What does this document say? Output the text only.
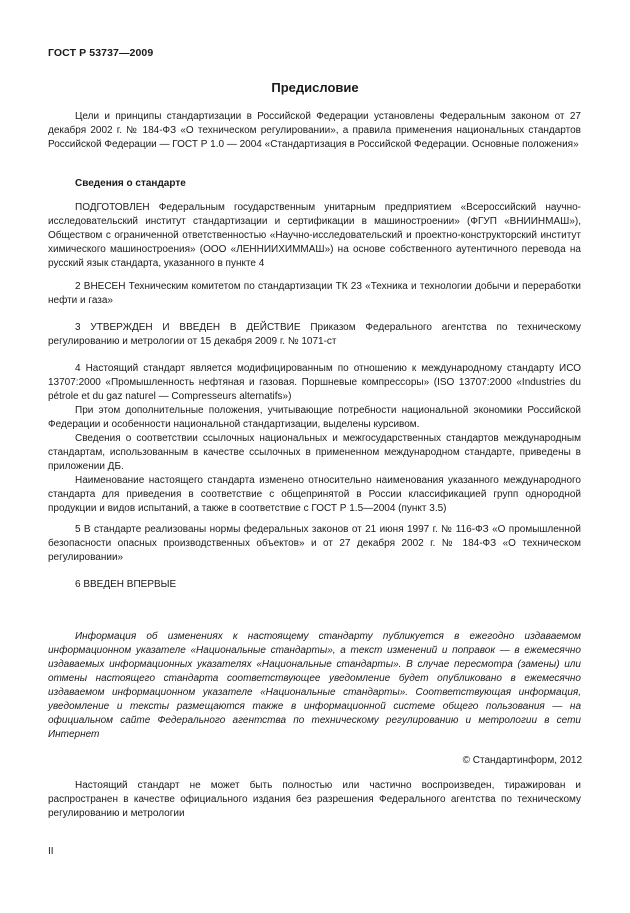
ГОСТ Р 53737—2009
Предисловие

Цели и принципы стандартизации в Российской Федерации установлены Федеральным законом от 27 декабря 2002 г. № 184-ФЗ «О техническом регулировании», а правила применения национальных стандартов Российской Федерации — ГОСТ Р 1.0 — 2004 «Стандартизация в Российской Федерации. Основные положения»

Сведения о стандарте

ПОДГОТОВЛЕН Федеральным государственным унитарным предприятием «Всероссийский научно-исследовательский институт стандартизации и сертификации в машиностроении» (ФГУП «ВНИИНМАШ»), Обществом с ограниченной ответственностью «Научно-исследовательский и проектно-конструкторский институт химического машиностроения» (ООО «ЛЕННИИХИММАШ») на основе собственного аутентичного перевода на русский язык стандарта, указанного в пункте 4

2 ВНЕСЕН Техническим комитетом по стандартизации ТК 23 «Техника и технологии добычи и переработки нефти и газа»

3 УТВЕРЖДЕН И ВВЕДЕН В ДЕЙСТВИЕ Приказом Федерального агентства по техническому регулированию и метрологии от 15 декабря 2009 г. № 1071-ст

4 Настоящий стандарт является модифицированным по отношению к международному стандарту ИСО 13707:2000 «Промышленность нефтяная и газовая. Поршневые компрессоры» (ISO 13707:2000 «Industries du pétrole et du gaz naturel — Compresseurs alternatifs»)

При этом дополнительные положения, учитывающие потребности национальной экономики Российской Федерации и особенности национальной стандартизации, выделены курсивом.

Сведения о соответствии ссылочных национальных и межгосударственных стандартов международным стандартам, использованным в качестве ссылочных в примененном международном стандарте, приведены в приложении ДБ.

Наименование настоящего стандарта изменено относительно наименования указанного международного стандарта для приведения в соответствие с общепринятой в России классификацией групп однородной продукции и видов испытаний, а также в соответствие с ГОСТ Р 1.5—2004 (пункт 3.5)

5 В стандарте реализованы нормы федеральных законов от 21 июня 1997 г. № 116-ФЗ «О промышленной безопасности опасных производственных объектов» и от 27 декабря 2002 г. № 184-ФЗ «О техническом регулировании»

6 ВВЕДЕН ВПЕРВЫЕ

Информация об изменениях к настоящему стандарту публикуется в ежегодно издаваемом информационном указателе «Национальные стандарты», а текст изменений и поправок — в ежемесячно издаваемых информационных указателях «Национальные стандарты». В случае пересмотра (замены) или отмены настоящего стандарта соответствующее уведомление будет опубликовано в ежемесячно издаваемом информационном указателе «Национальные стандарты». Соответствующая информация, уведомление и тексты размещаются также в информационной системе общего пользования — на официальном сайте Федерального агентства по техническому регулированию и метрологии в сети Интернет

© Стандартинформ, 2012

Настоящий стандарт не может быть полностью или частично воспроизведен, тиражирован и распространен в качестве официального издания без разрешения Федерального агентства по техническому регулированию и метрологии

II
